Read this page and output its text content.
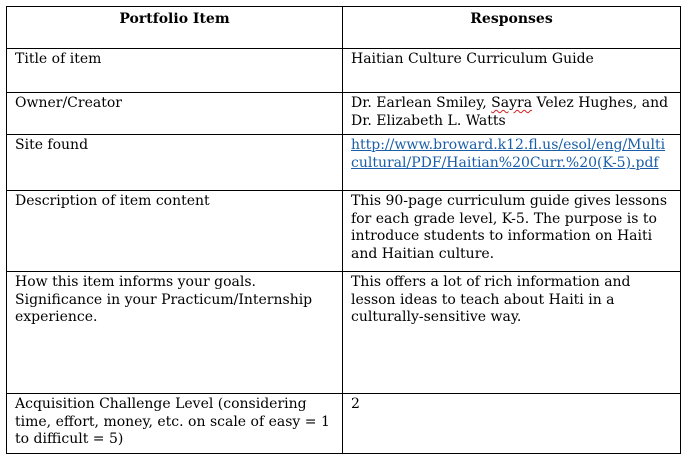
Portfolio Item	Responses
Title of item	Haitian Culture Curriculum Guide
Owner/Creator	Dr. Earlean Smiley, Sayra Velez Hughes, and Dr. Elizabeth L. Watts
Site found	http://www.broward.k12.fl.us/esol/eng/Multicultural/PDF/Haitian%20Curr.%20(K-5).pdf
Description of item content	This 90-page curriculum guide gives lessons for each grade level, K-5. The purpose is to introduce students to information on Haiti and Haitian culture.
How this item informs your goals. Significance in your Practicum/Internship experience.	This offers a lot of rich information and lesson ideas to teach about Haiti in a culturally-sensitive way.
Acquisition Challenge Level (considering time, effort, money, etc. on scale of easy = 1 to difficult = 5)	2
